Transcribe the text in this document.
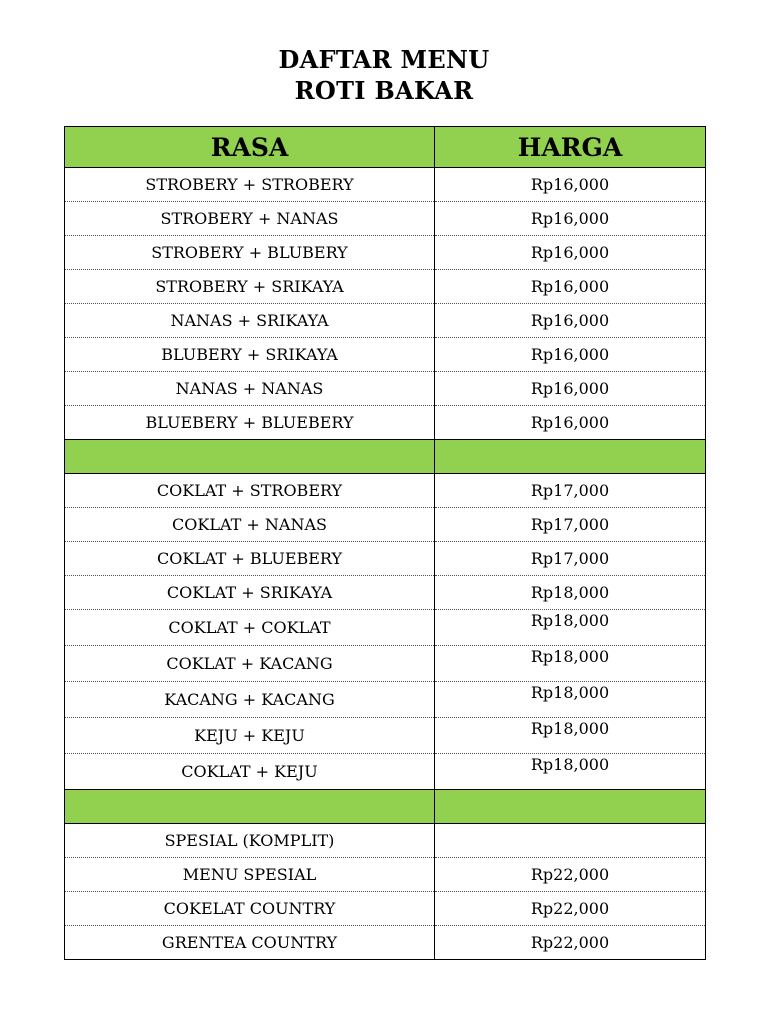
DAFTAR MENU
ROTI BAKAR
RASA	HARGA
STROBERY + STROBERY	Rp16,000
STROBERY + NANAS	Rp16,000
STROBERY + BLUBERY	Rp16,000
STROBERY + SRIKAYA	Rp16,000
NANAS + SRIKAYA	Rp16,000
BLUBERY + SRIKAYA	Rp16,000
NANAS + NANAS	Rp16,000
BLUEBERY + BLUEBERY	Rp16,000

COKLAT + STROBERY	Rp17,000
COKLAT + NANAS	Rp17,000
COKLAT + BLUEBERY	Rp17,000
COKLAT + SRIKAYA	Rp18,000
COKLAT + COKLAT	Rp18,000
COKLAT + KACANG	Rp18,000
KACANG + KACANG	Rp18,000
KEJU + KEJU	Rp18,000
COKLAT + KEJU	Rp18,000

SPESIAL (KOMPLIT)	
MENU SPESIAL	Rp22,000
COKELAT COUNTRY	Rp22,000
GRENTEA COUNTRY	Rp22,000
